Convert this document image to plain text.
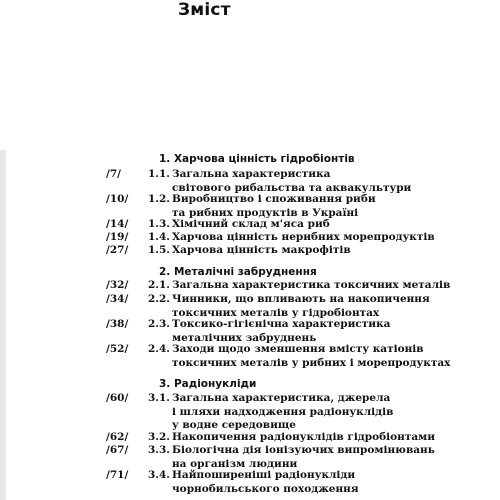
Зміст
1. Харчова цінність гідробіонтів
/7/	1.1. Загальна характеристика
світового рибальства та аквакультури
/10/ 1.2. Виробництво і споживання риби
та рибних продуктів в Україні
/14/ 1.3. Хімічний склад м'яса риб
/19/ 1.4. Харчова цінність нерибних морепродуктів
/27/ 1.5. Харчова цінність макрофітів
2. Металічні забруднення
/32/ 2.1. Загальна характеристика токсичних металів
/34/ 2.2. Чинники, що впливають на накопичення
токсичних металів у гідробіонтах
/38/ 2.3. Токсико-гігієнічна характеристика
металічних забруднень
/52/ 2.4. Заходи щодо зменшення вмісту катіонів
токсичних металів у рибних і морепродуктах
3. Радіонукліди
/60/ 3.1. Загальна характеристика, джерела
і шляхи надходження радіонуклідів
у водне середовище
/62/ 3.2. Накопичення радіонуклідів гідробіонтами
/67/ 3.3. Біологічна дія іонізуючих випромінювань
на організм людини
/71/ 3.4. Найпоширеніші радіонукліди
чорнобильського походження
